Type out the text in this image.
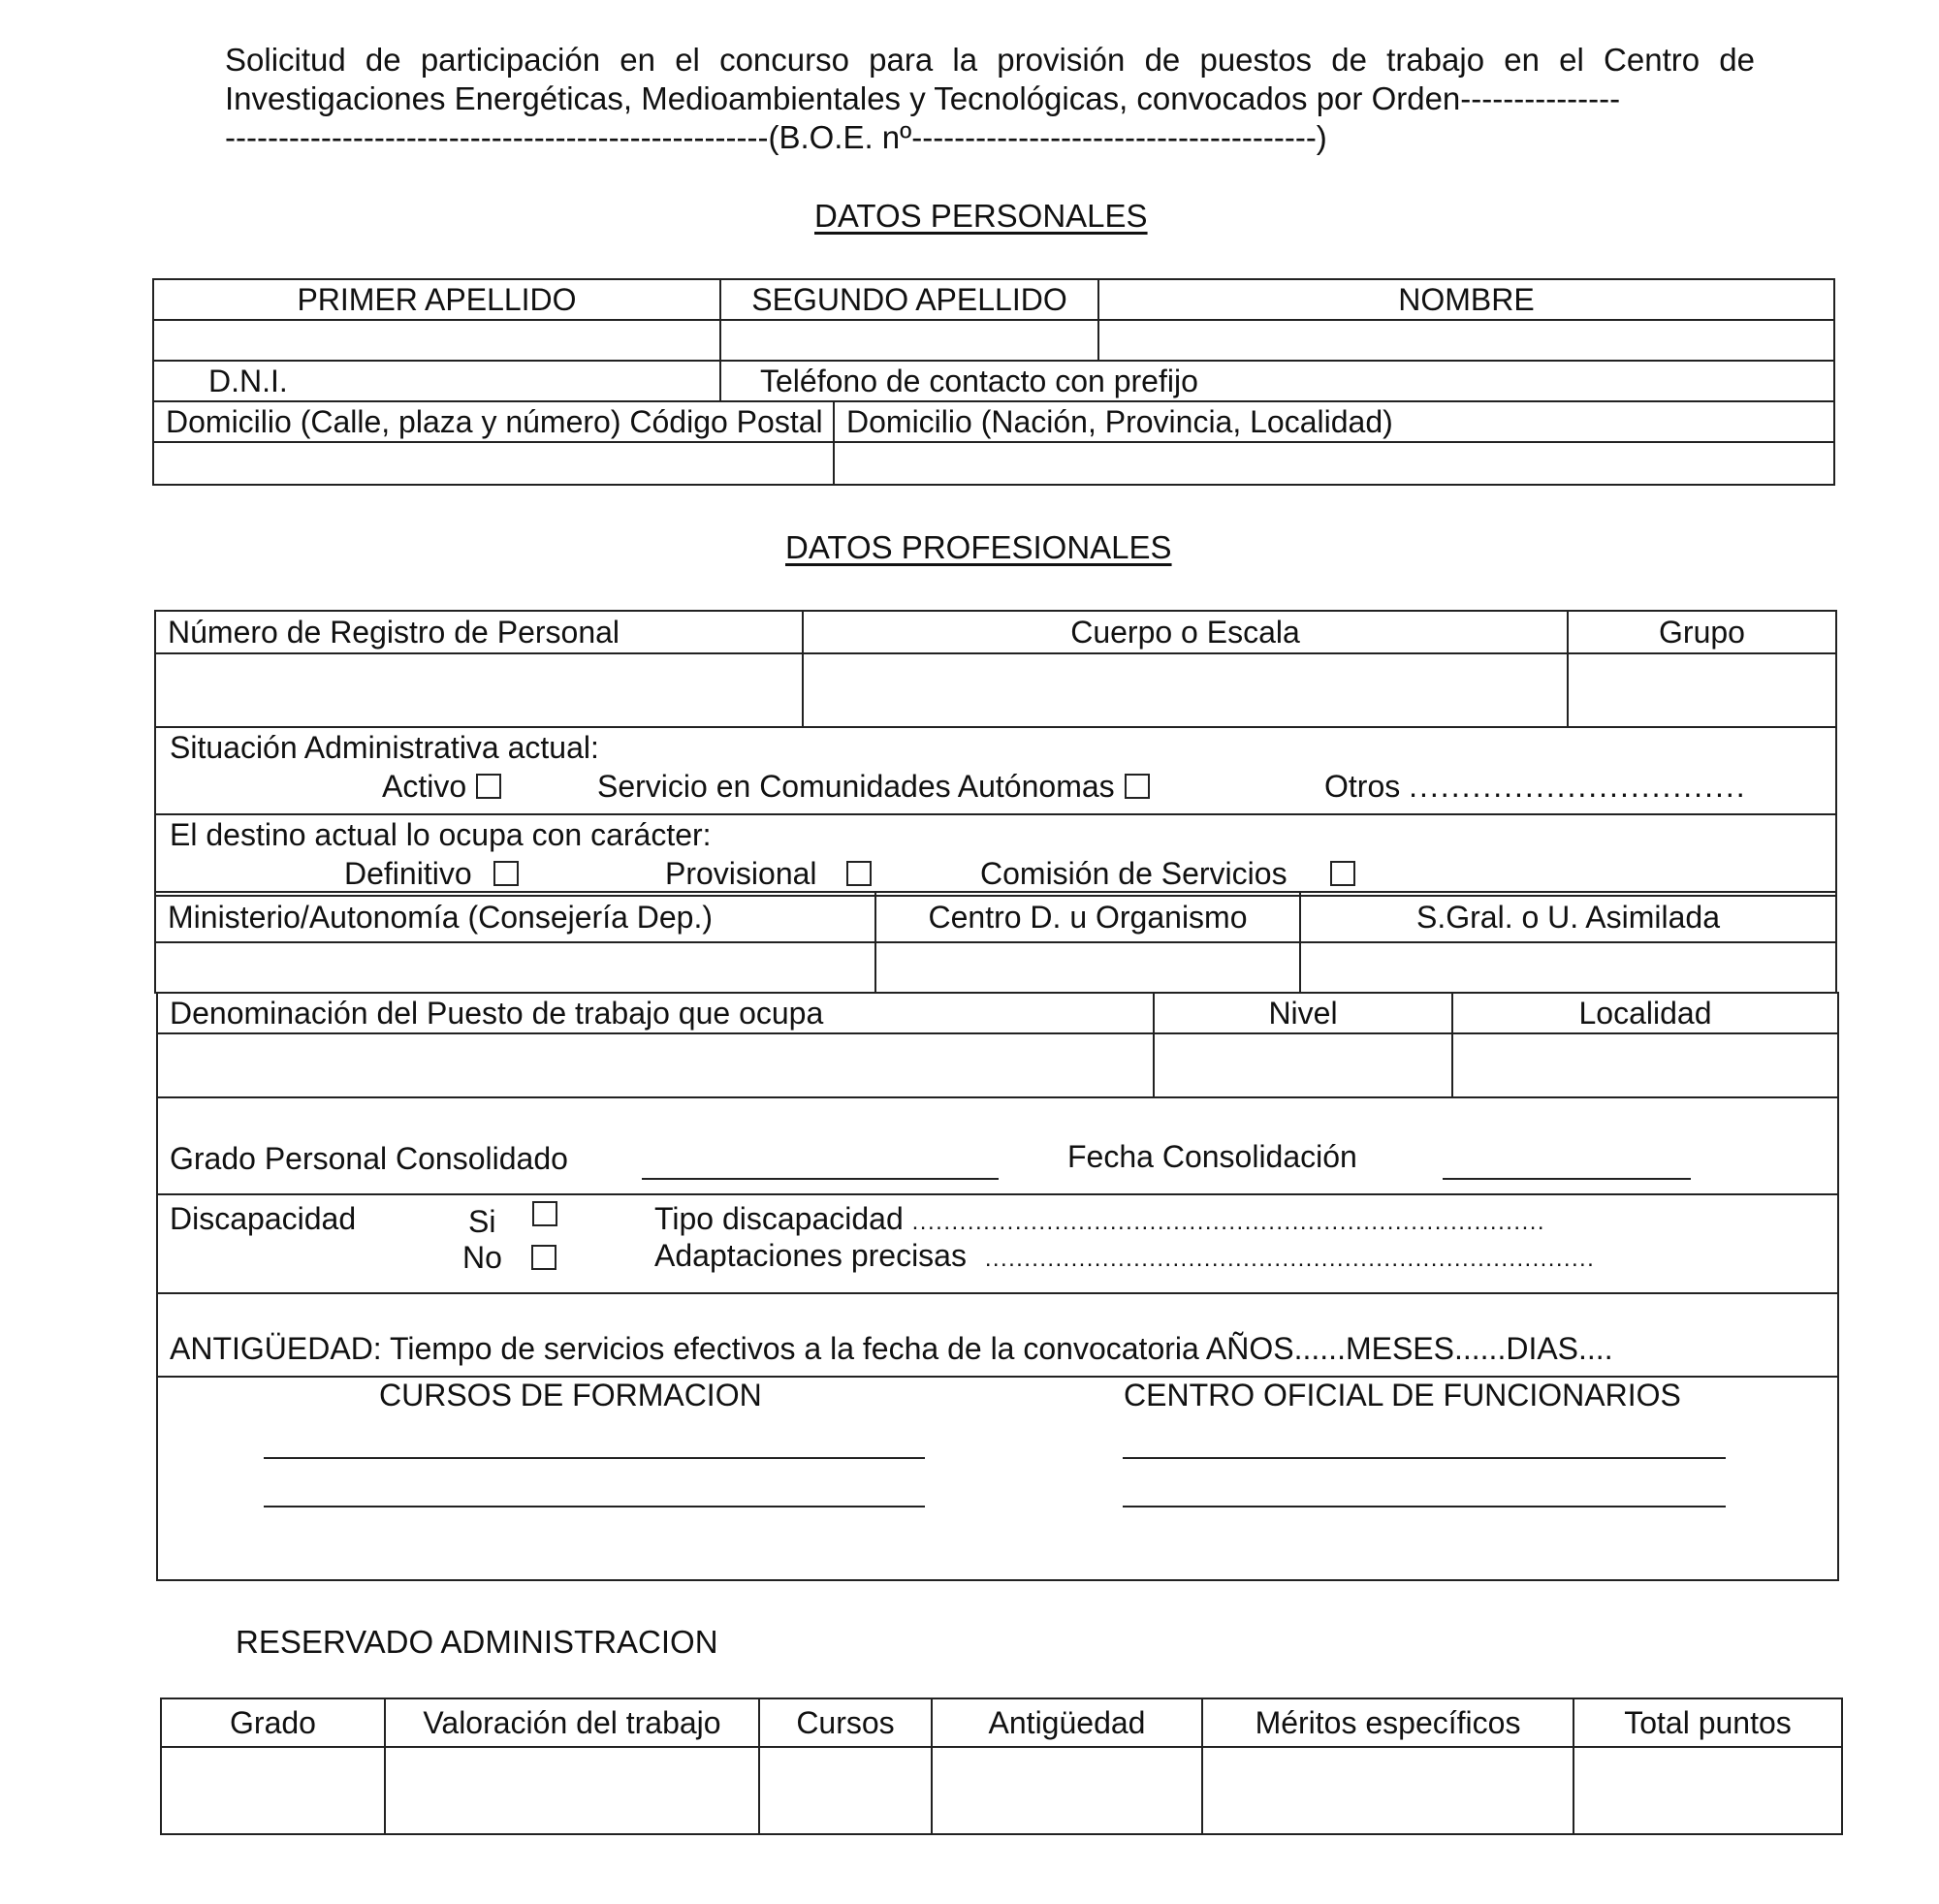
Solicitud de participación en el concurso para la provisión de puestos de trabajo en el Centro de
Investigaciones Energéticas, Medioambientales y Tecnológicas, convocados por Orden---------------
---------------------------------------------------(B.O.E. nº--------------------------------------)
DATOS PERSONALES
PRIMER APELLIDO		SEGUNDO APELLIDO		NOMBRE

	D.N.I.	Teléfono de contacto con prefijo		
Domicilio (Calle, plaza y número) Código Postal			Domicilio (Nación, Provincia, Localidad)	

DATOS PROFESIONALES
Número de Registro de Personal	Cuerpo o Escala	Grupo

Situación Administrativa actual:
Activo Servicio en Comunidades Autónomas Otros ................................		

El destino actual lo ocupa con carácter:
Definitivo Provisional Comisión de Servicios		
Ministerio/Autonomía (Consejería Dep.)	Centro D. u Organismo	S.Gral. o U. Asimilada

Denominación del Puesto de trabajo que ocupa	Nivel	Localidad

Grado Personal Consolidado Fecha Consolidación		

Discapacidad Si
No
Tipo discapacidad ................................................................................
Adaptaciones precisas ..............................................................................		

ANTIGÜEDAD: Tiempo de servicios efectivos a la fecha de la convocatoria AÑOS......MESES......DIAS....		

CURSOS DE FORMACION CENTRO OFICIAL DE FUNCIONARIOS		
RESERVADO ADMINISTRACION
Grado	Valoración del trabajo	Cursos	Antigüedad	Méritos específicos	Total puntos
